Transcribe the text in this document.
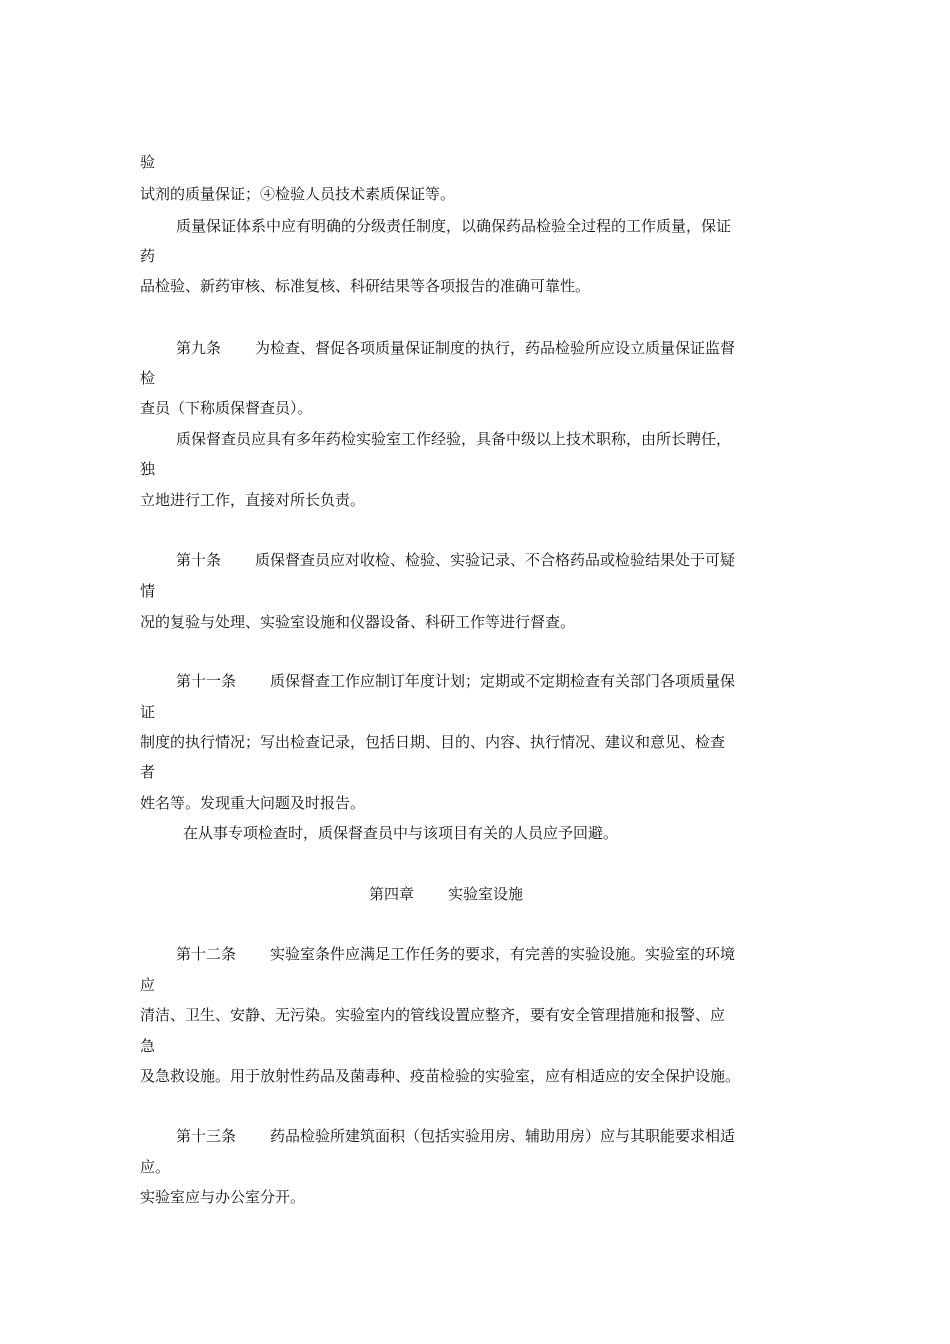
验
试剂的质量保证；④检验人员技术素质保证等。
质量保证体系中应有明确的分级责任制度，以确保药品检验全过程的工作质量，保证
药
品检验、新药审核、标准复核、科研结果等各项报告的准确可靠性。
第九条 为检查、督促各项质量保证制度的执行，药品检验所应设立质量保证监督
检
查员（下称质保督查员）。
质保督查员应具有多年药检实验室工作经验，具备中级以上技术职称，由所长聘任，
独
立地进行工作，直接对所长负责。
第十条 质保督查员应对收检、检验、实验记录、不合格药品或检验结果处于可疑
情
况的复验与处理、实验室设施和仪器设备、科研工作等进行督查。
第十一条 质保督查工作应制订年度计划；定期或不定期检查有关部门各项质量保
证
制度的执行情况；写出检查记录，包括日期、目的、内容、执行情况、建议和意见、检查
者
姓名等。发现重大问题及时报告。
在从事专项检查时，质保督查员中与该项目有关的人员应予回避。
第四章 实验室设施
第十二条 实验室条件应满足工作任务的要求，有完善的实验设施。实验室的环境
应
清洁、卫生、安静、无污染。实验室内的管线设置应整齐，要有安全管理措施和报警、应
急
及急救设施。用于放射性药品及菌毒种、疫苗检验的实验室，应有相适应的安全保护设施。
第十三条 药品检验所建筑面积（包括实验用房、辅助用房）应与其职能要求相适
应。
实验室应与办公室分开。
